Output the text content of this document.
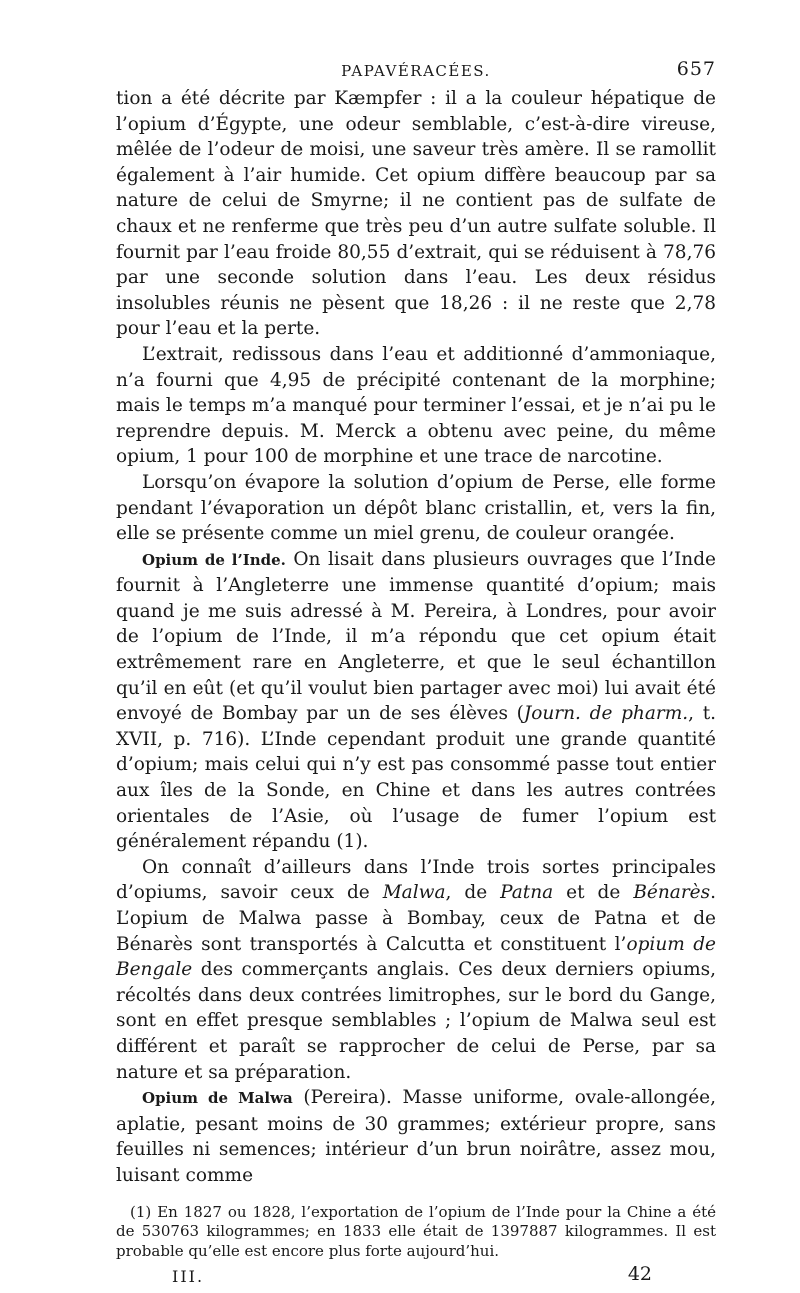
PAPAVÉRACÉES.	657

tion a été décrite par Kæmpfer : il a la couleur hépatique de l’opium d’Égypte, une odeur semblable, c’est-à-dire vireuse, mêlée de l’odeur de moisi, une saveur très amère. Il se ramollit également à l’air humide. Cet opium diffère beaucoup par sa nature de celui de Smyrne; il ne contient pas de sulfate de chaux et ne renferme que très peu d’un autre sulfate soluble. Il fournit par l’eau froide 80,55 d’extrait, qui se réduisent à 78,76 par une seconde solution dans l’eau. Les deux résidus insolubles réunis ne pèsent que 18,26 : il ne reste que 2,78 pour l’eau et la perte.

L’extrait, redissous dans l’eau et additionné d’ammoniaque, n’a fourni que 4,95 de précipité contenant de la morphine; mais le temps m’a manqué pour terminer l’essai, et je n’ai pu le reprendre depuis. M. Merck a obtenu avec peine, du même opium, 1 pour 100 de morphine et une trace de narcotine.

Lorsqu’on évapore la solution d’opium de Perse, elle forme pendant l’évaporation un dépôt blanc cristallin, et, vers la fin, elle se présente comme un miel grenu, de couleur orangée.

Opium de l’Inde. On lisait dans plusieurs ouvrages que l’Inde fournit à l’Angleterre une immense quantité d’opium; mais quand je me suis adressé à M. Pereira, à Londres, pour avoir de l’opium de l’Inde, il m’a répondu que cet opium était extrêmement rare en Angleterre, et que le seul échantillon qu’il en eût (et qu’il voulut bien partager avec moi) lui avait été envoyé de Bombay par un de ses élèves (Journ. de pharm., t. XVII, p. 716). L’Inde cependant produit une grande quantité d’opium; mais celui qui n’y est pas consommé passe tout entier aux îles de la Sonde, en Chine et dans les autres contrées orientales de l’Asie, où l’usage de fumer l’opium est généralement répandu (1).

On connaît d’ailleurs dans l’Inde trois sortes principales d’opiums, savoir ceux de Malwa, de Patna et de Bénarès. L’opium de Malwa passe à Bombay, ceux de Patna et de Bénarès sont transportés à Calcutta et constituent l’opium de Bengale des commerçants anglais. Ces deux derniers opiums, récoltés dans deux contrées limitrophes, sur le bord du Gange, sont en effet presque semblables ; l’opium de Malwa seul est différent et paraît se rapprocher de celui de Perse, par sa nature et sa préparation.

Opium de Malwa (Pereira). Masse uniforme, ovale-allongée, aplatie, pesant moins de 30 grammes; extérieur propre, sans feuilles ni semences; intérieur d’un brun noirâtre, assez mou, luisant comme

(1) En 1827 ou 1828, l’exportation de l’opium de l’Inde pour la Chine a été de 530763 kilogrammes; en 1833 elle était de 1397887 kilogrammes. Il est probable qu’elle est encore plus forte aujourd’hui.

III.	42
